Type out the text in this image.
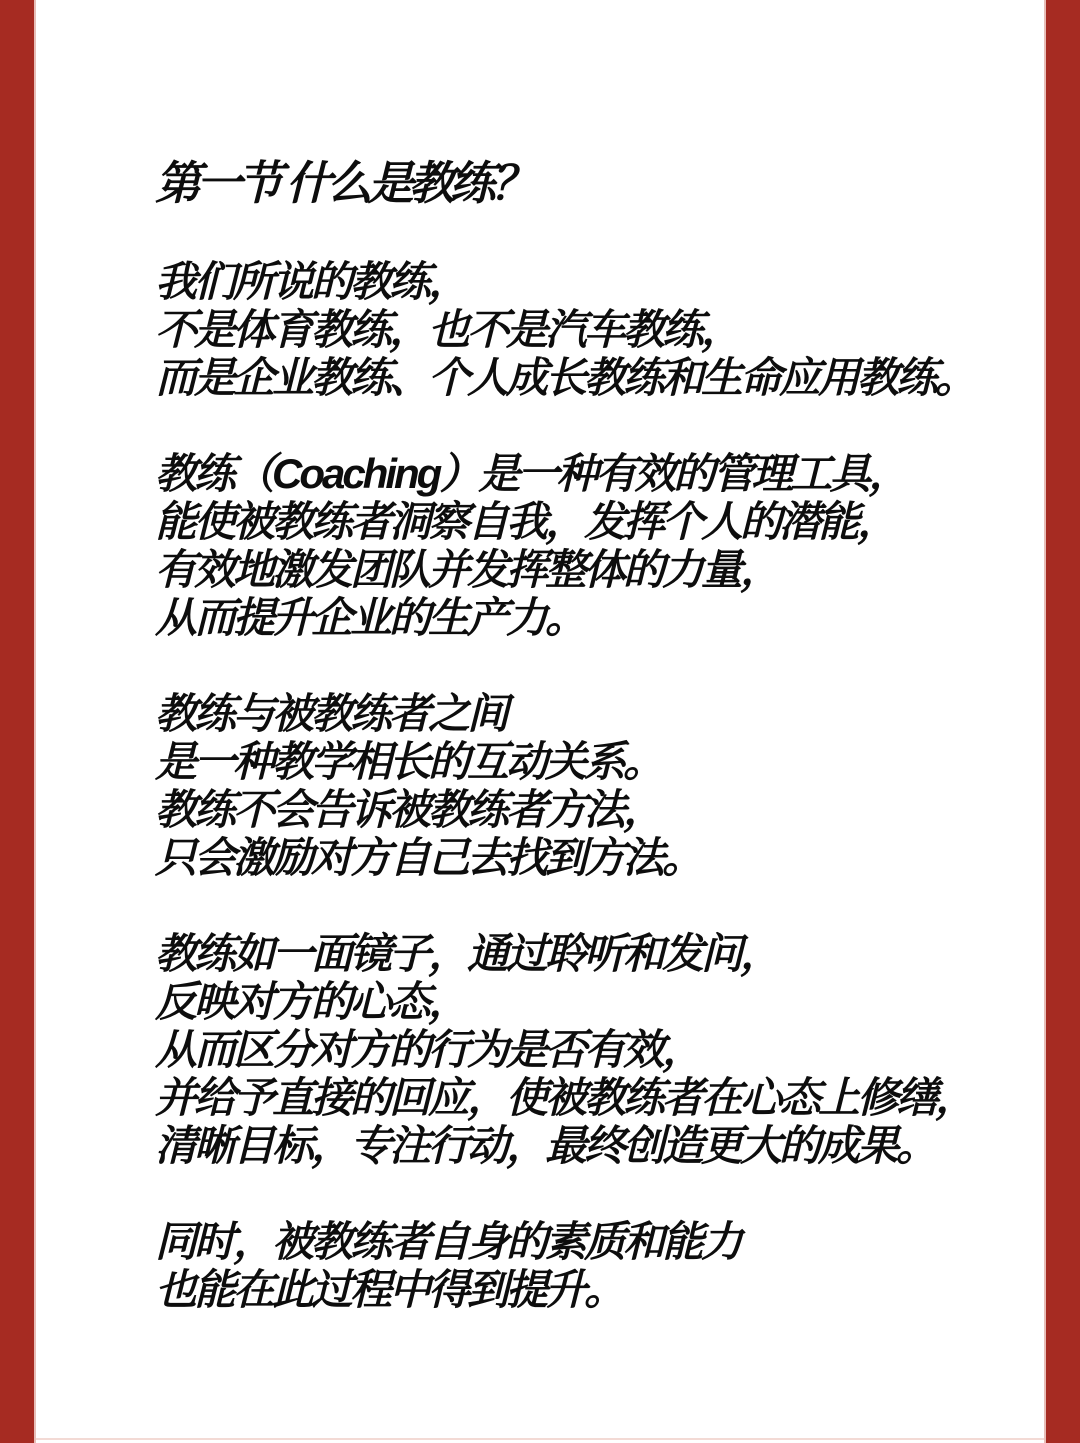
第一节 什么是教练？
我们所说的教练，
不是体育教练，也不是汽车教练，
而是企业教练、个人成长教练和生命应用教练。
教练（Coaching）是一种有效的管理工具，
能使被教练者洞察自我，发挥个人的潜能，
有效地激发团队并发挥整体的力量，
从而提升企业的生产力。
教练与被教练者之间
是一种教学相长的互动关系。
教练不会告诉被教练者方法，
只会激励对方自己去找到方法。
教练如一面镜子，通过聆听和发问，
反映对方的心态，
从而区分对方的行为是否有效，
并给予直接的回应，使被教练者在心态上修缮，
清晰目标，专注行动，最终创造更大的成果。
同时，被教练者自身的素质和能力
也能在此过程中得到提升。
